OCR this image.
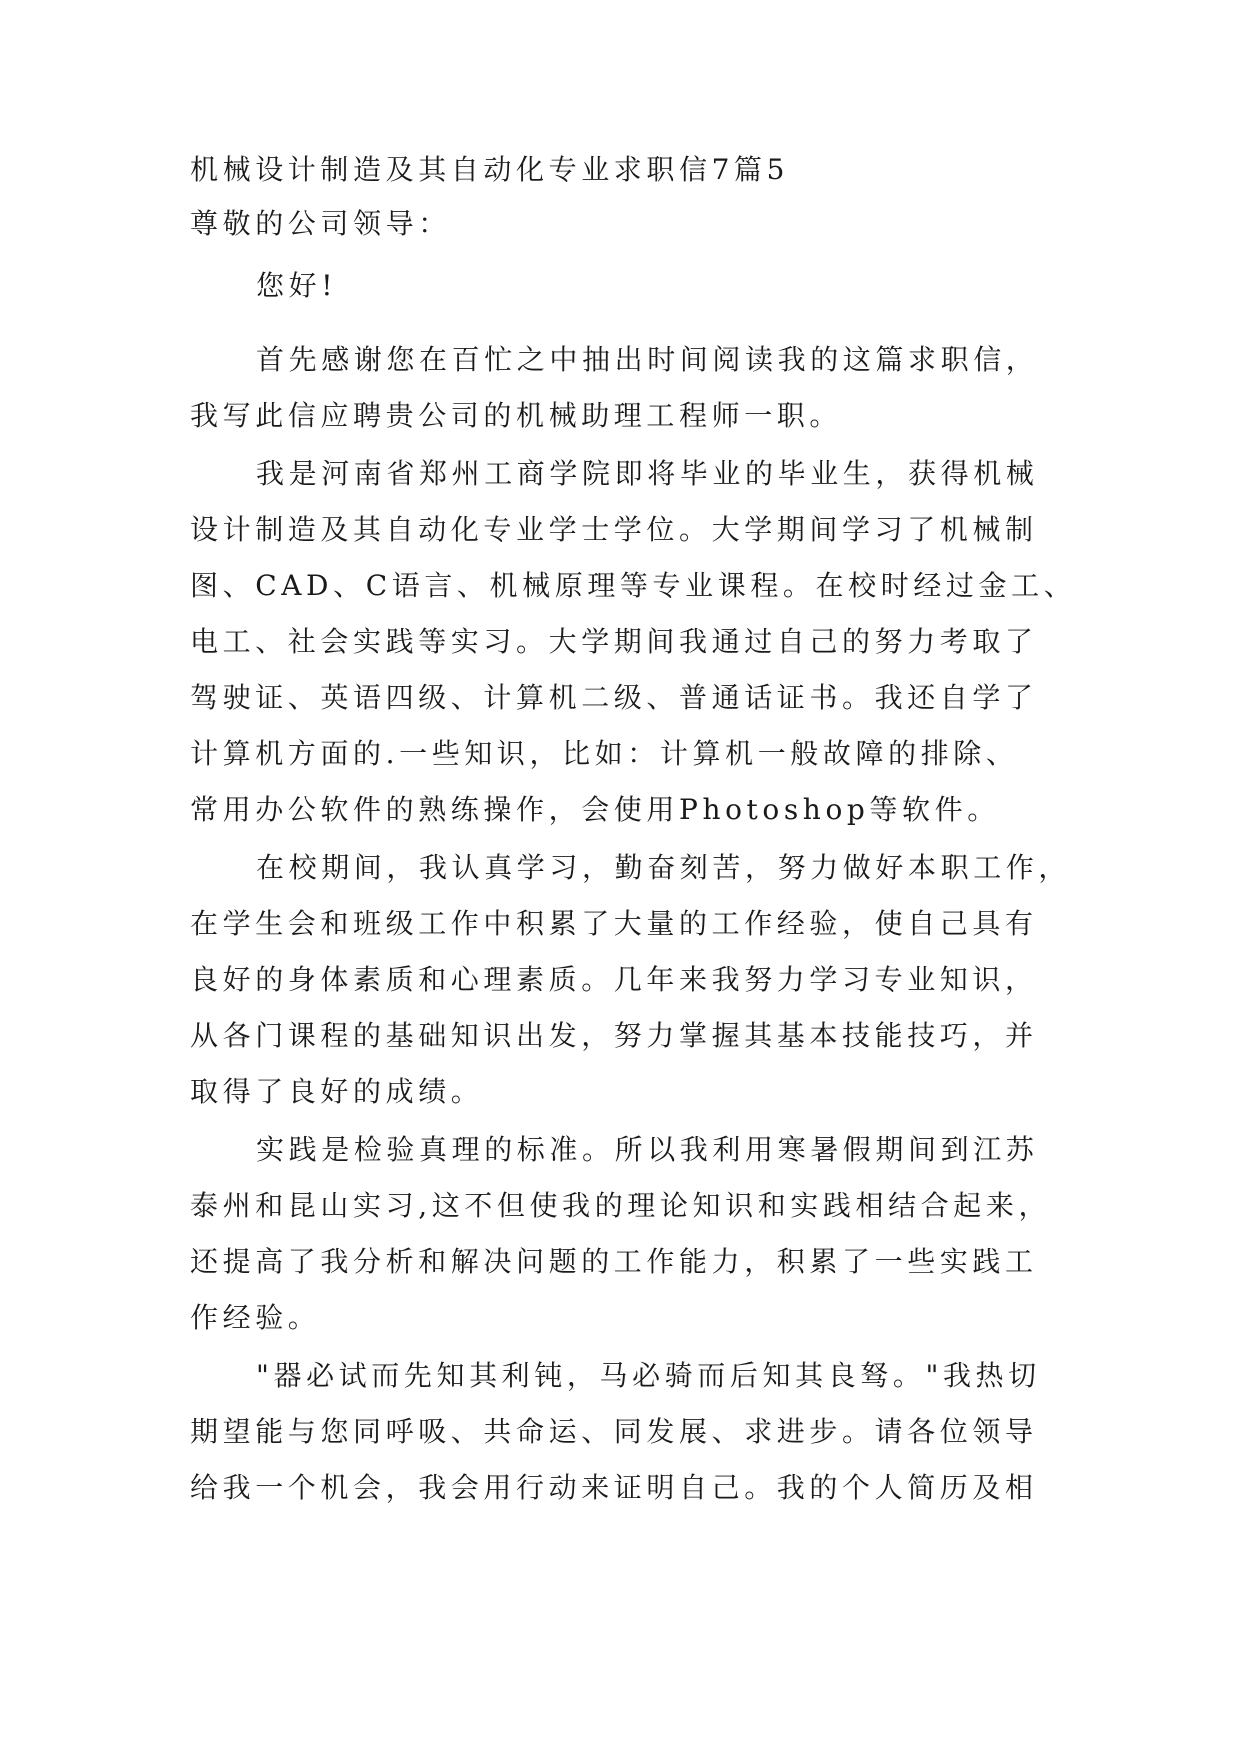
机械设计制造及其自动化专业求职信7篇5

尊敬的公司领导：

您好!

首先感谢您在百忙之中抽出时间阅读我的这篇求职信，

我写此信应聘贵公司的机械助理工程师一职。

我是河南省郑州工商学院即将毕业的毕业生，获得机械

设计制造及其自动化专业学士学位。大学期间学习了机械制

图、CAD、C语言、机械原理等专业课程。在校时经过金工、

电工、社会实践等实习。大学期间我通过自己的努力考取了

驾驶证、英语四级、计算机二级、普通话证书。我还自学了

计算机方面的.一些知识，比如：计算机一般故障的排除、

常用办公软件的熟练操作，会使用Photoshop等软件。

在校期间，我认真学习，勤奋刻苦，努力做好本职工作，

在学生会和班级工作中积累了大量的工作经验，使自己具有

良好的身体素质和心理素质。几年来我努力学习专业知识，

从各门课程的基础知识出发，努力掌握其基本技能技巧，并

取得了良好的成绩。

实践是检验真理的标准。所以我利用寒暑假期间到江苏

泰州和昆山实习,这不但使我的理论知识和实践相结合起来，

还提高了我分析和解决问题的工作能力，积累了一些实践工

作经验。

"器必试而先知其利钝，马必骑而后知其良驽。"我热切

期望能与您同呼吸、共命运、同发展、求进步。请各位领导

给我一个机会，我会用行动来证明自己。我的个人简历及相
